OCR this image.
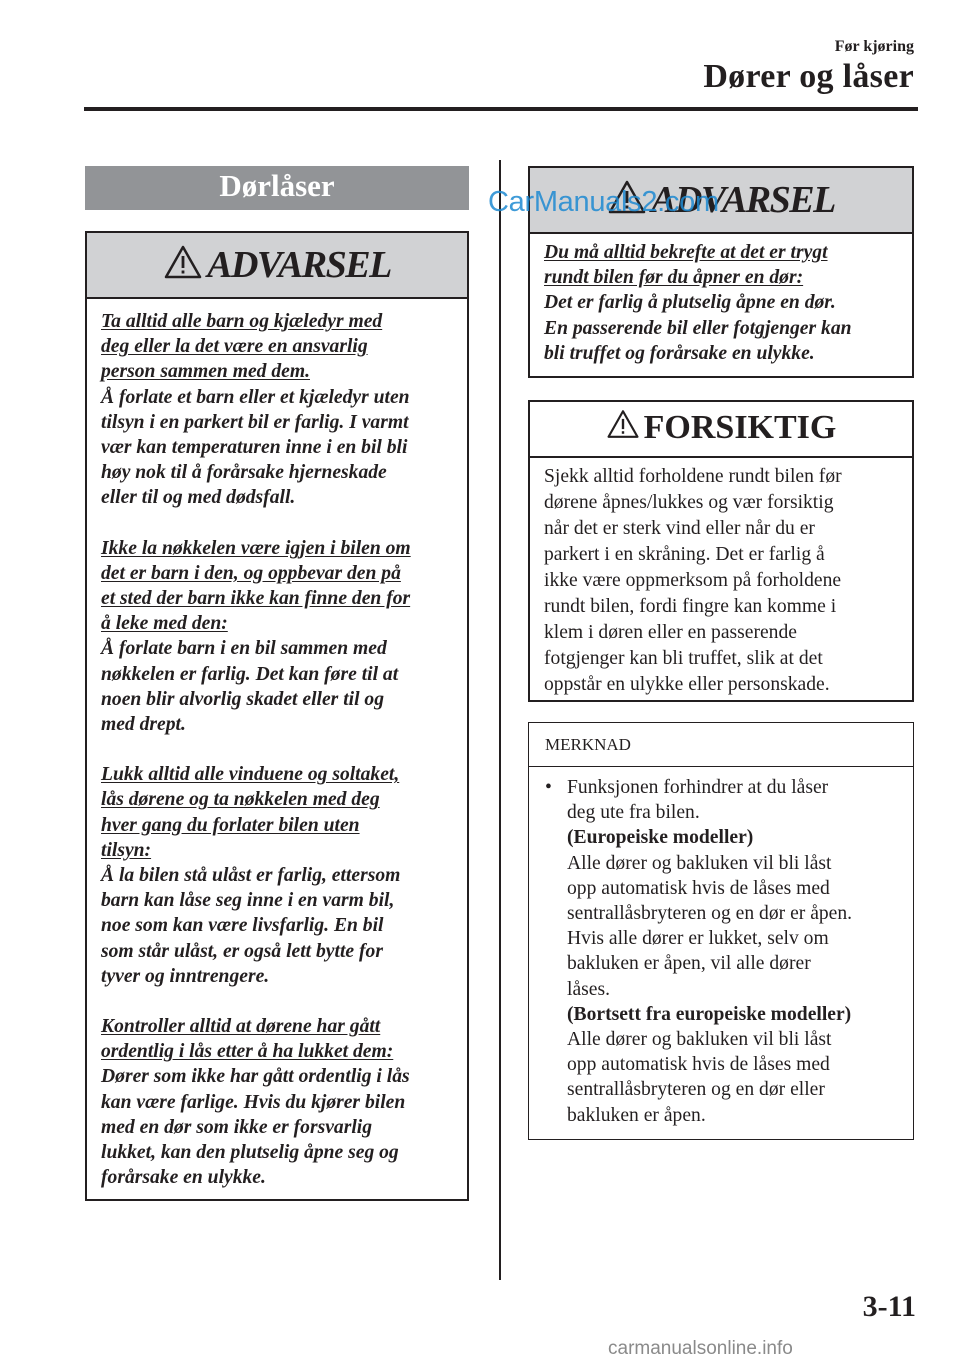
Før kjøring
Dører og låser
Dørlåser
ADVARSEL
Ta alltid alle barn og kjæledyr med
deg eller la det være en ansvarlig
person sammen med dem.
Å forlate et barn eller et kjæledyr uten
tilsyn i en parkert bil er farlig. I varmt
vær kan temperaturen inne i en bil bli
høy nok til å forårsake hjerneskade
eller til og med dødsfall.
Ikke la nøkkelen være igjen i bilen om
det er barn i den, og oppbevar den på
et sted der barn ikke kan finne den for
å leke med den:
Å forlate barn i en bil sammen med
nøkkelen er farlig. Det kan føre til at
noen blir alvorlig skadet eller til og
med drept.
Lukk alltid alle vinduene og soltaket,
lås dørene og ta nøkkelen med deg
hver gang du forlater bilen uten
tilsyn:
Å la bilen stå ulåst er farlig, ettersom
barn kan låse seg inne i en varm bil,
noe som kan være livsfarlig. En bil
som står ulåst, er også lett bytte for
tyver og inntrengere.
Kontroller alltid at dørene har gått
ordentlig i lås etter å ha lukket dem:
Dører som ikke har gått ordentlig i lås
kan være farlige. Hvis du kjører bilen
med en dør som ikke er forsvarlig
lukket, kan den plutselig åpne seg og
forårsake en ulykke.
ADVARSEL
Du må alltid bekrefte at det er trygt
rundt bilen før du åpner en dør:
Det er farlig å plutselig åpne en dør.
En passerende bil eller fotgjenger kan
bli truffet og forårsake en ulykke.
FORSIKTIG
Sjekk alltid forholdene rundt bilen før
dørene åpnes/lukkes og vær forsiktig
når det er sterk vind eller når du er
parkert i en skråning. Det er farlig å
ikke være oppmerksom på forholdene
rundt bilen, fordi fingre kan komme i
klem i døren eller en passerende
fotgjenger kan bli truffet, slik at det
oppstår en ulykke eller personskade.
MERKNAD
• Funksjonen forhindrer at du låser
deg ute fra bilen.
(Europeiske modeller)
Alle dører og bakluken vil bli låst
opp automatisk hvis de låses med
sentrallåsbryteren og en dør er åpen.
Hvis alle dører er lukket, selv om
bakluken er åpen, vil alle dører
låses.
(Bortsett fra europeiske modeller)
Alle dører og bakluken vil bli låst
opp automatisk hvis de låses med
sentrallåsbryteren og en dør eller
bakluken er åpen.
3-11
CarManuals2.com
carmanualsonline.info
